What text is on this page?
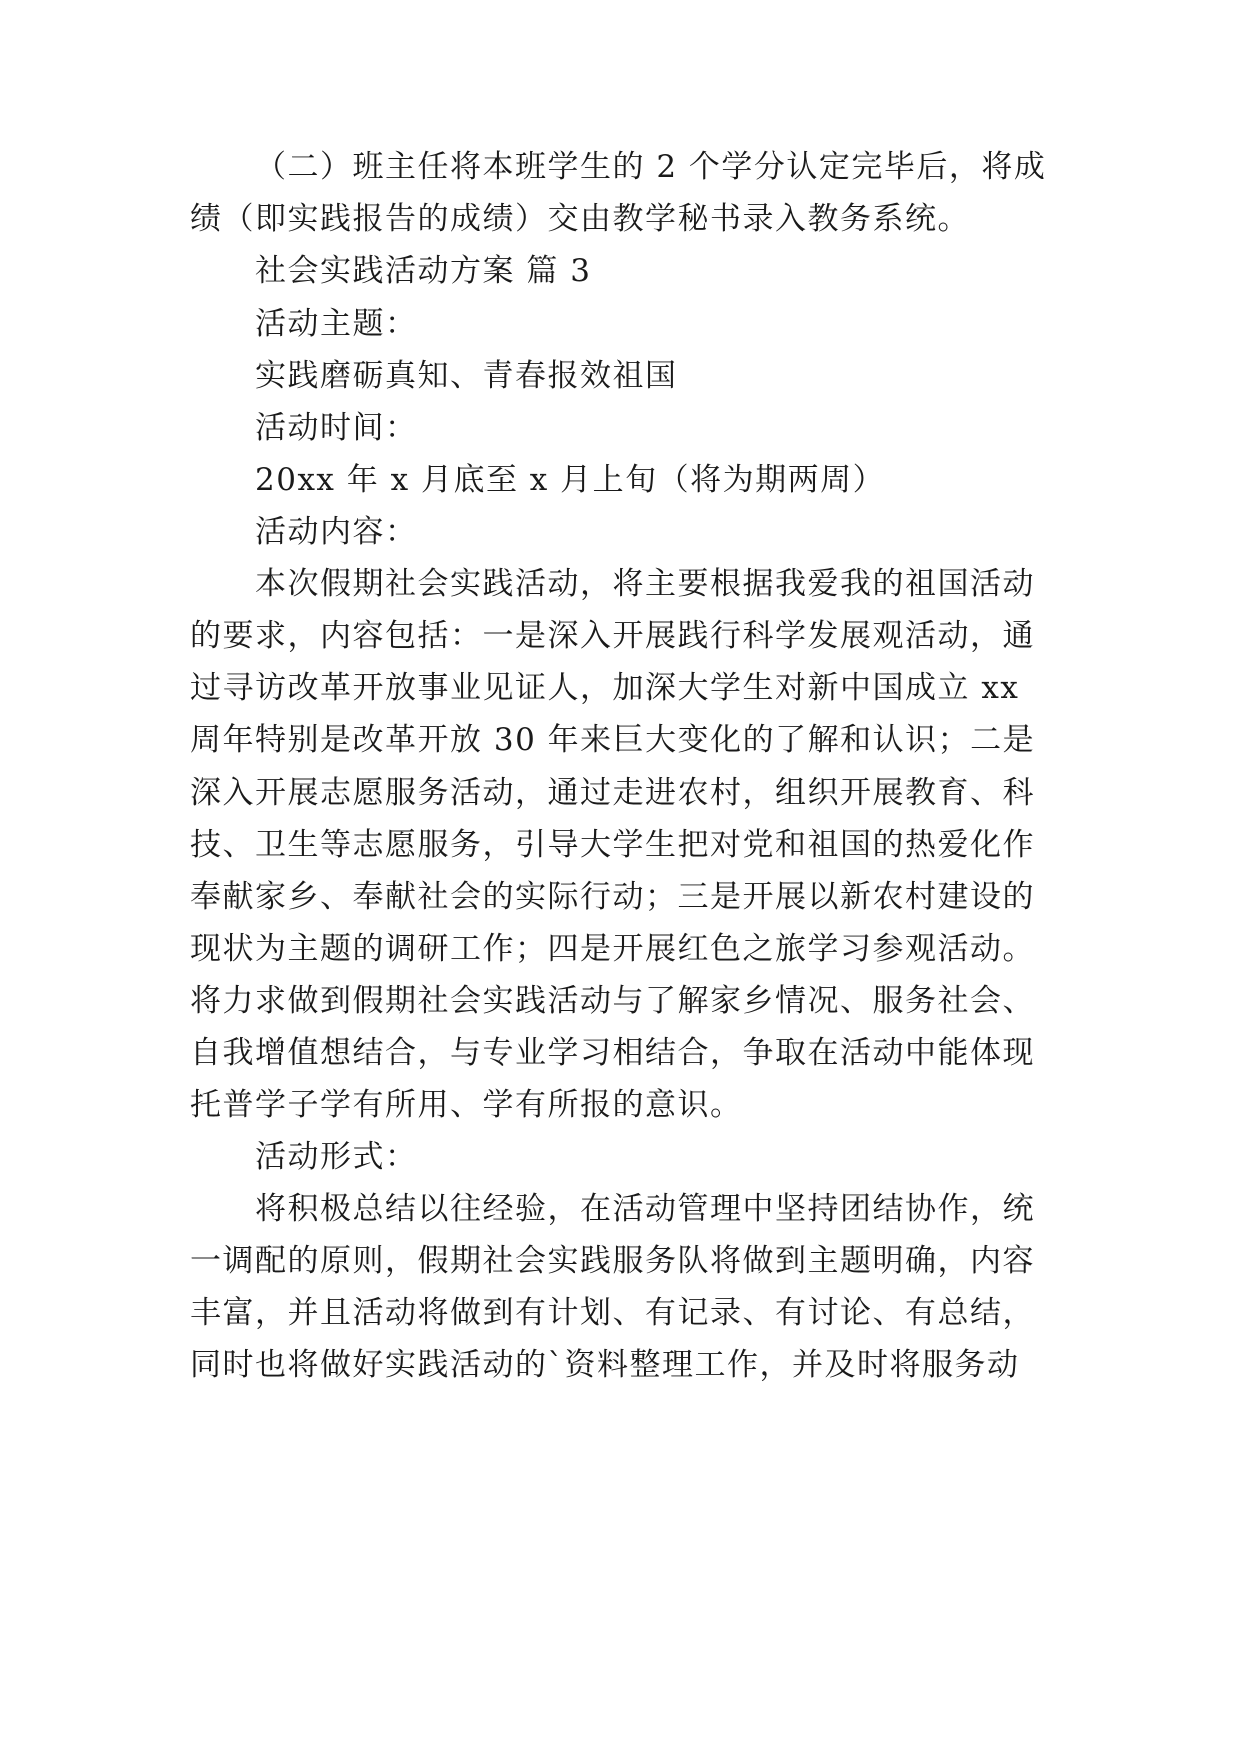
（二）班主任将本班学生的 2 个学分认定完毕后，将成
绩（即实践报告的成绩）交由教学秘书录入教务系统。
社会实践活动方案 篇 3
活动主题：
实践磨砺真知、青春报效祖国
活动时间：
20xx 年 x 月底至 x 月上旬（将为期两周）
活动内容：
本次假期社会实践活动，将主要根据我爱我的祖国活动
的要求，内容包括：一是深入开展践行科学发展观活动，通
过寻访改革开放事业见证人，加深大学生对新中国成立 xx
周年特别是改革开放 30 年来巨大变化的了解和认识；二是
深入开展志愿服务活动，通过走进农村，组织开展教育、科
技、卫生等志愿服务，引导大学生把对党和祖国的热爱化作
奉献家乡、奉献社会的实际行动；三是开展以新农村建设的
现状为主题的调研工作；四是开展红色之旅学习参观活动。
将力求做到假期社会实践活动与了解家乡情况、服务社会、
自我增值想结合，与专业学习相结合，争取在活动中能体现
托普学子学有所用、学有所报的意识。
活动形式：
将积极总结以往经验，在活动管理中坚持团结协作，统
一调配的原则，假期社会实践服务队将做到主题明确，内容
丰富，并且活动将做到有计划、有记录、有讨论、有总结，
同时也将做好实践活动的`资料整理工作，并及时将服务动
